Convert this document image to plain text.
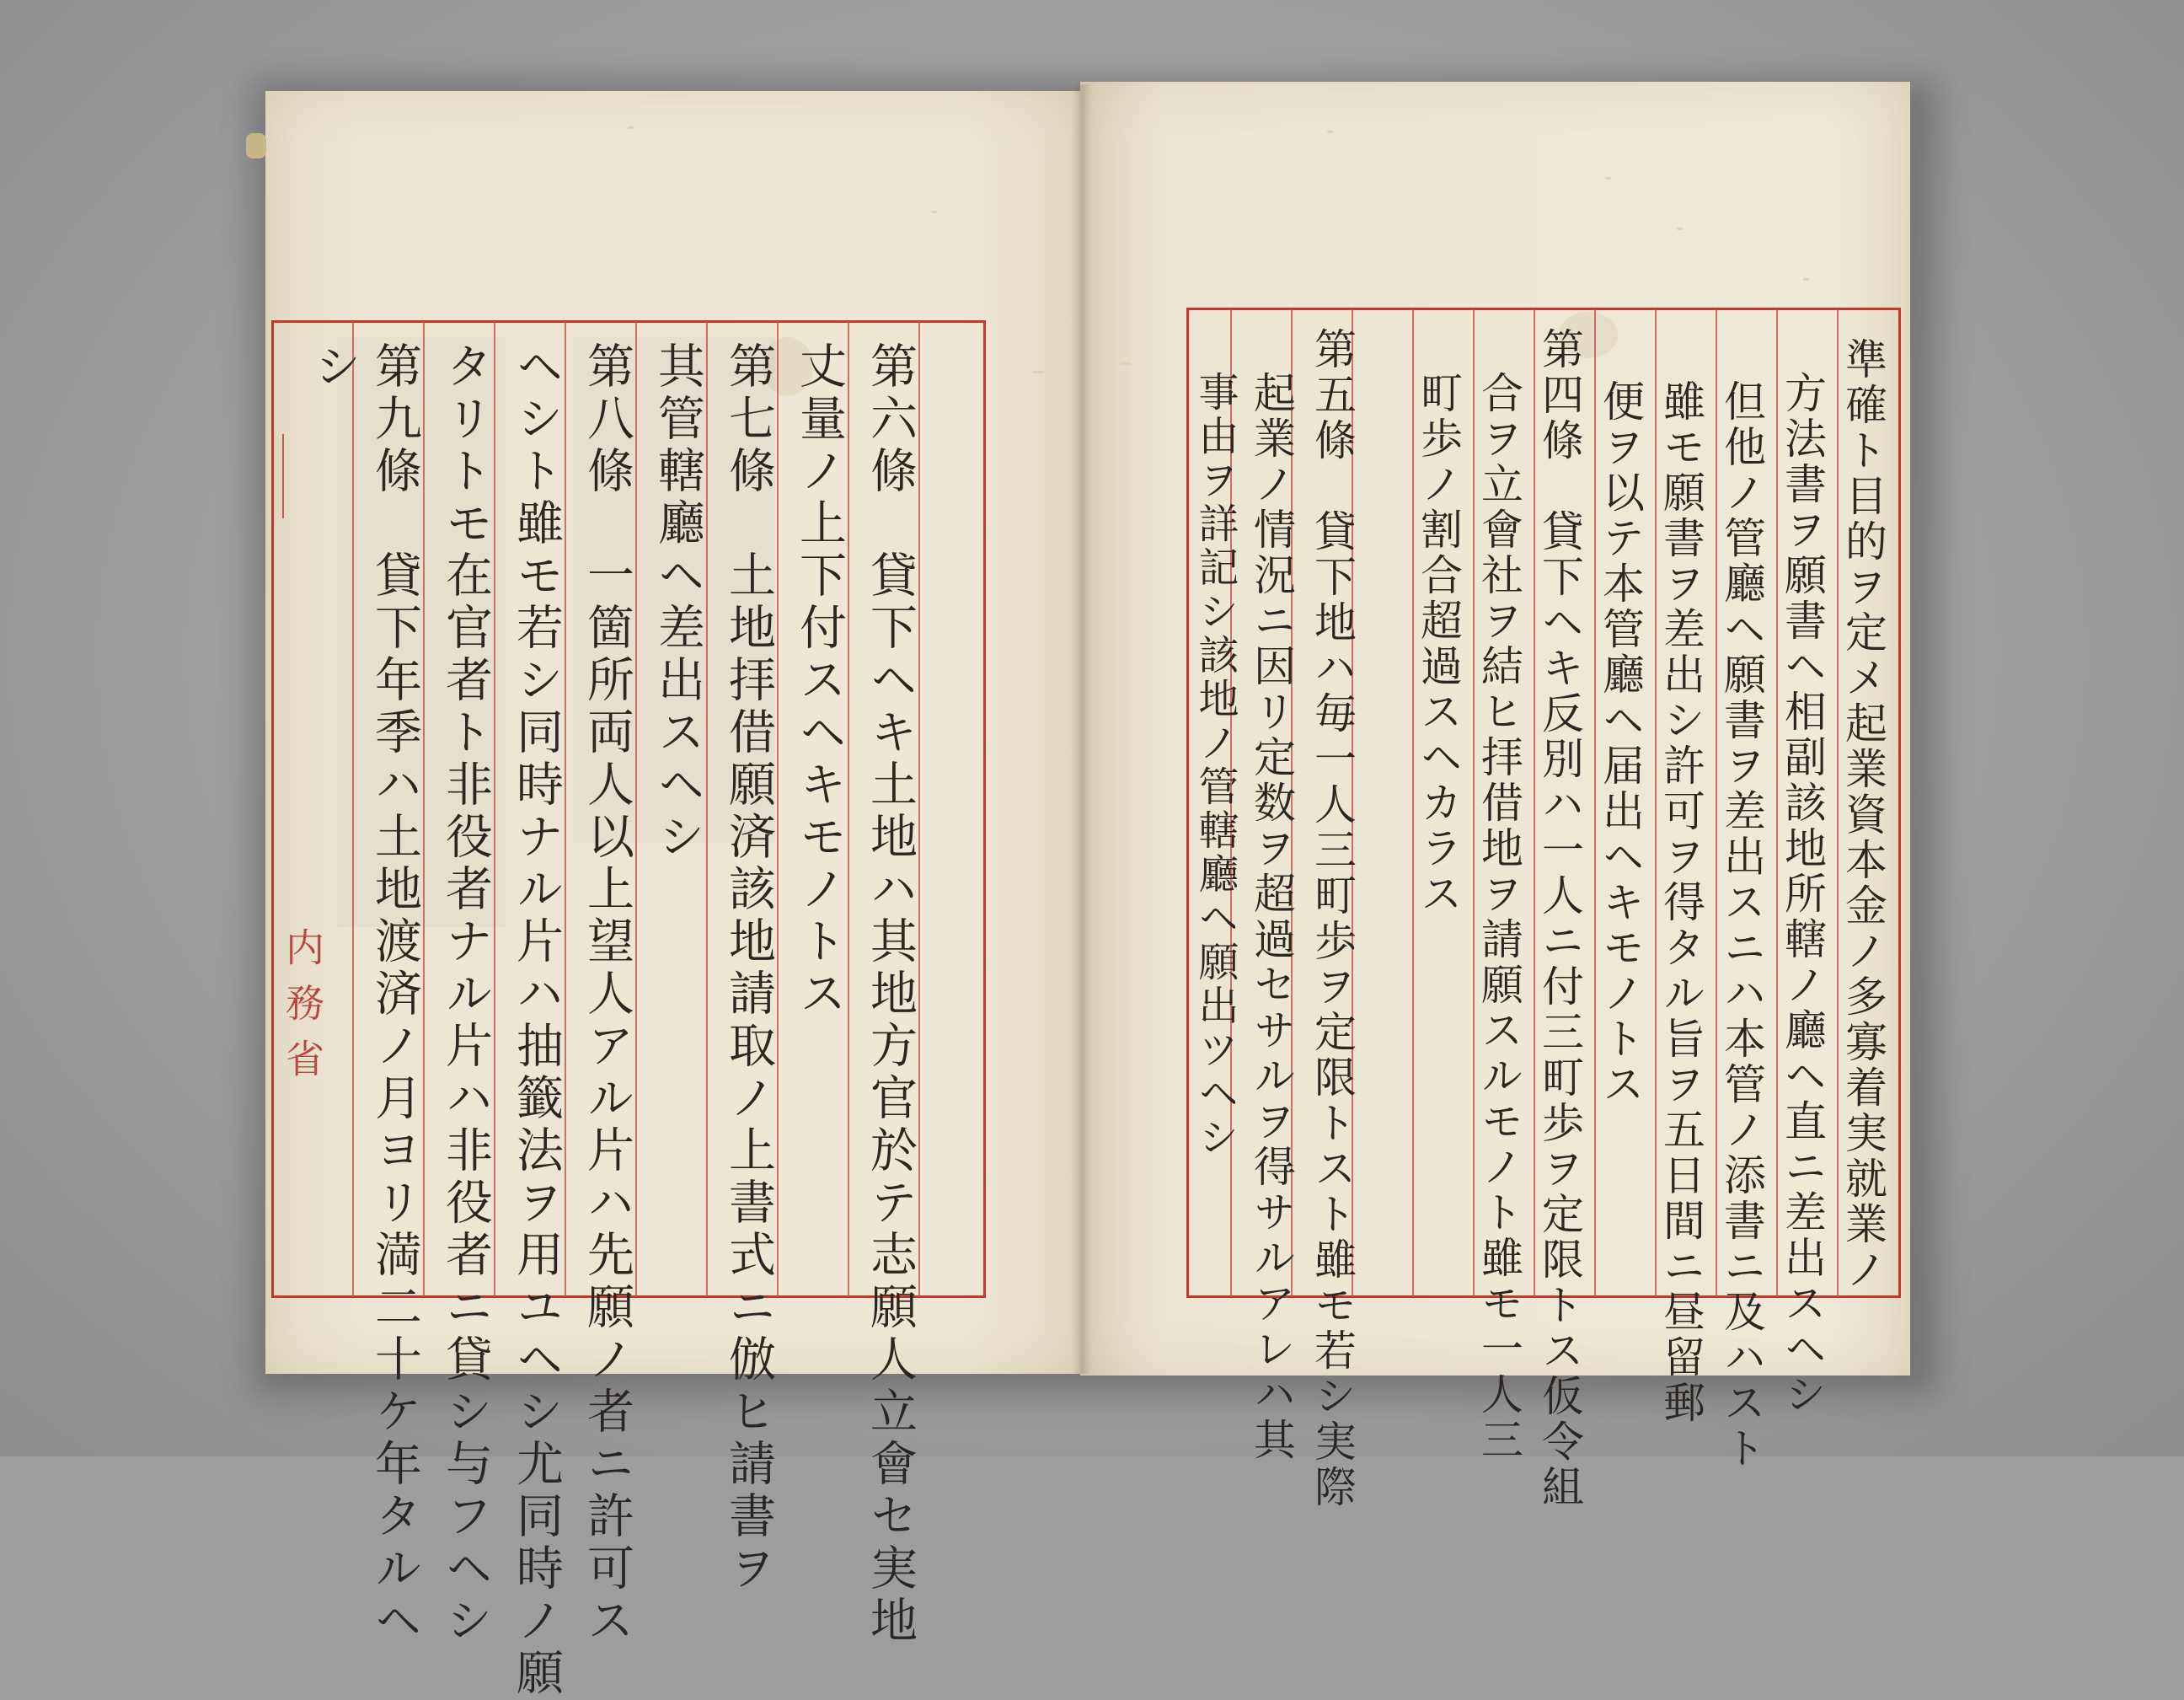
第六條　貸下ヘキ土地ハ其地方官於テ志願人立會セ実地
丈量ノ上下付スヘキモノトス
第七條　土地拝借願済該地請取ノ上書式ニ倣ヒ請書ヲ
其管轄廳ヘ差出スヘシ
第八條　一箇所両人以上望人アル片ハ先願ノ者ニ許可ス
ヘシト雖モ若シ同時ナル片ハ抽籤法ヲ用ユヘシ尤同時ノ願
タリトモ在官者ト非役者ナル片ハ非役者ニ貸シ与フヘシ
第九條　貸下年季ハ土地渡済ノ月ヨリ満二十ケ年タルヘ
シ
内務省	準確ト目的ヲ定メ起業資本金ノ多寡着実就業ノ
方法書ヲ願書ヘ相副該地所轄ノ廳ヘ直ニ差出スヘシ
但他ノ管廳ヘ願書ヲ差出スニハ本管ノ添書ニ及ハスト
雖モ願書ヲ差出シ許可ヲ得タル旨ヲ五日間ニ昼留郵
便ヲ以テ本管廳ヘ届出ヘキモノトス
第四條　貸下ヘキ反別ハ一人ニ付三町歩ヲ定限トス仮令組
合ヲ立會社ヲ結ヒ拝借地ヲ請願スルモノト雖モ一人三
町歩ノ割合超過スヘカラス
第五條　貸下地ハ毎一人三町歩ヲ定限トスト雖モ若シ実際
起業ノ情況ニ因リ定数ヲ超過セサルヲ得サルアレハ其
事由ヲ詳記シ該地ノ管轄廳ヘ願出ツヘシ
